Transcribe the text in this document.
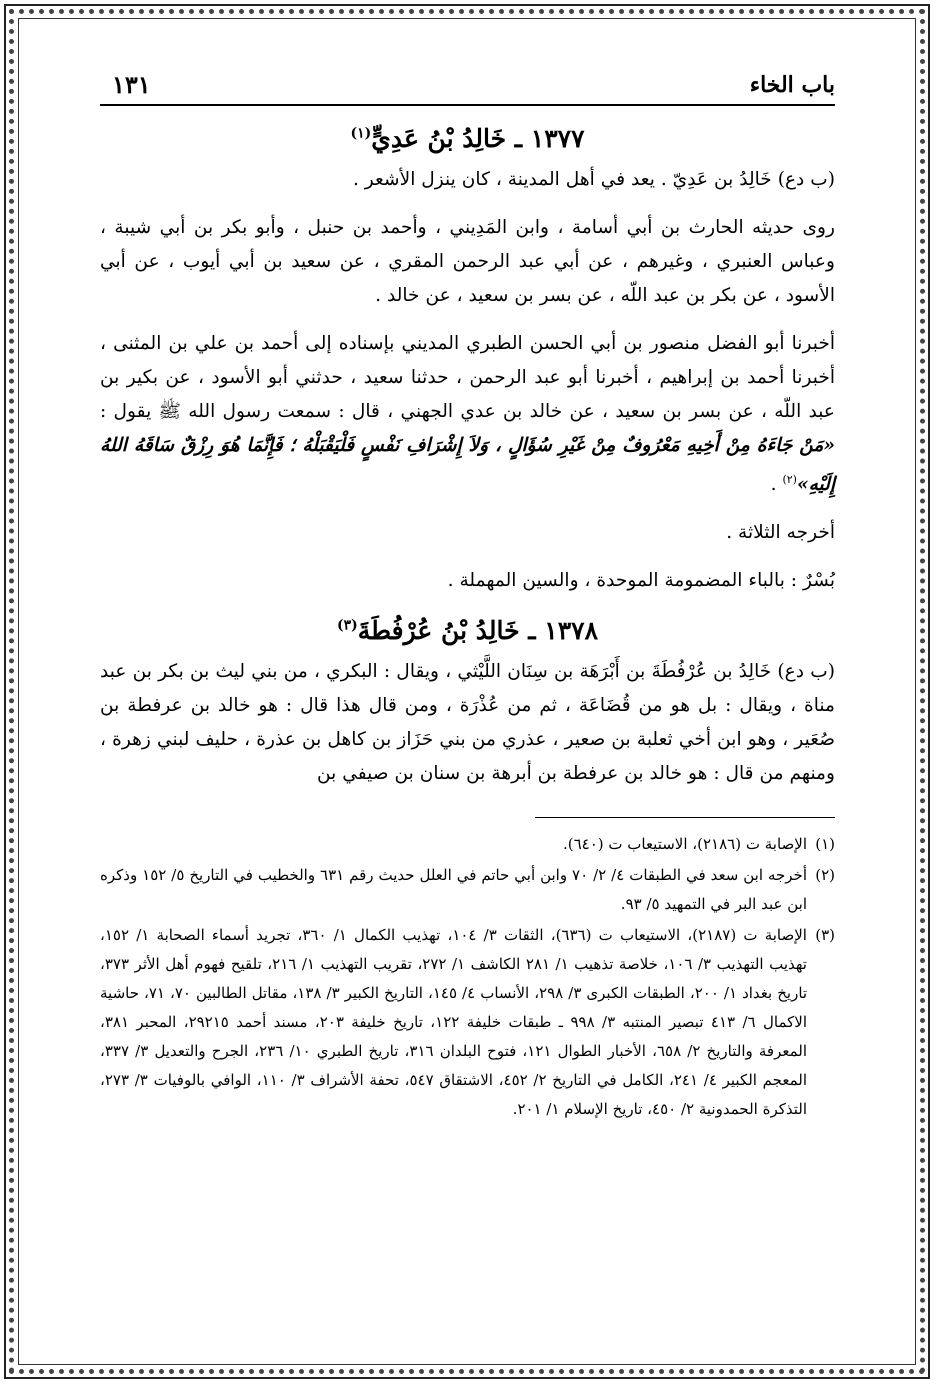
باب الخاء
١٣١
١٣٧٧ ـ خَالِدُ بْنُ عَدِيٍّ$^{(١)}$

(ب دع) خَالِدُ بن عَدِيّ . يعد في أهل المدينة ، كان ينزل الأشعر .

روى حديثه الحارث بن أبي أسامة ، وابن المَدِيني ، وأحمد بن حنبل ، وأبو بكر بن أبي شيبة ، وعباس العنبري ، وغيرهم ، عن أبي عبد الرحمن المقري ، عن سعيد بن أبي أيوب ، عن أبي الأسود ، عن بكر بن عبد اللّه ، عن بسر بن سعيد ، عن خالد .

أخبرنا أبو الفضل منصور بن أبي الحسن الطبري المديني بإسناده إلى أحمد بن علي بن المثنى ، أخبرنا أحمد بن إبراهيم ، أخبرنا أبو عبد الرحمن ، حدثنا سعيد ، حدثني أبو الأسود ، عن بكير بن عبد اللّه ، عن بسر بن سعيد ، عن خالد بن عدي الجهني ، قال : سمعت رسول الله ﷺ يقول : «مَنْ جَاءَهُ مِنْ أَخِيهِ مَعْرُوفٌ مِنْ غَيْرِ سُؤَالٍ ، وَلاَ إِشْرَافِ نَفْسٍ فَلْيَقْبَلْهُ ؛ فَإِنَّمَا هُوَ رِزْقٌ سَاقَهُ اللهُ إِلَيْهِ»$^{(٢)}$ .

أخرجه الثلاثة .

بُسْرٌ : بالباء المضمومة الموحدة ، والسين المهملة .

١٣٧٨ ـ خَالِدُ بْنُ عُرْفُطَةَ$^{(٣)}$

(ب دع) خَالِدُ بن عُرْفُطَةَ بن أَبْرَهَة بن سِنَان اللَّيْثي ، ويقال : البكري ، من بني ليث بن بكر بن عبد مناة ، ويقال : بل هو من قُضَاعَة ، ثم من عُذْرَة ، ومن قال هذا قال : هو خالد بن عرفطة بن صُعَير ، وهو ابن أخي ثعلبة بن صعير ، عذري من بني حَزَاز بن كاهل بن عذرة ، حليف لبني زهرة ، ومنهم من قال : هو خالد بن عرفطة بن أبرهة بن سنان بن صيفي بن

(١)
الإصابة ت (٢١٨٦)، الاستيعاب ت (٦٤٠).
(٢)
أخرجه ابن سعد في الطبقات ٤/ ٢/ ٧٠ وابن أبي حاتم في العلل حديث رقم ٦٣١ والخطيب في التاريخ ٥/ ١٥٢ وذكره ابن عبد البر في التمهيد ٥/ ٩٣.
(٣)
الإصابة ت (٢١٨٧)، الاستيعاب ت (٦٣٦)، الثقات ٣/ ١٠٤، تهذيب الكمال ١/ ٣٦٠، تجريد أسماء الصحابة ١/ ١٥٢، تهذيب التهذيب ٣/ ١٠٦، خلاصة تذهيب ١/ ٢٨١ الكاشف ١/ ٢٧٢، تقريب التهذيب ١/ ٢١٦، تلقيح فهوم أهل الأثر ٣٧٣، تاريخ بغداد ١/ ٢٠٠، الطبقات الكبرى ٣/ ٢٩٨، الأنساب ٤/ ١٤٥، التاريخ الكبير ٣/ ١٣٨، مقاتل الطالبين ٧٠، ٧١، حاشية الاكمال ٦/ ٤١٣ تبصير المنتبه ٣/ ٩٩٨ ـ طبقات خليفة ١٢٢، تاريخ خليفة ٢٠٣، مسند أحمد ٢٩٢١٥، المحبر ٣٨١، المعرفة والتاريخ ٢/ ٦٥٨، الأخبار الطوال ١٢١، فتوح البلدان ٣١٦، تاريخ الطبري ١٠/ ٢٣٦، الجرح والتعديل ٣/ ٣٣٧، المعجم الكبير ٤/ ٢٤١، الكامل في التاريخ ٢/ ٤٥٢، الاشتقاق ٥٤٧، تحفة الأشراف ٣/ ١١٠، الوافي بالوفيات ٣/ ٢٧٣، التذكرة الحمدونية ٢/ ٤٥٠، تاريخ الإسلام ١/ ٢٠١.
